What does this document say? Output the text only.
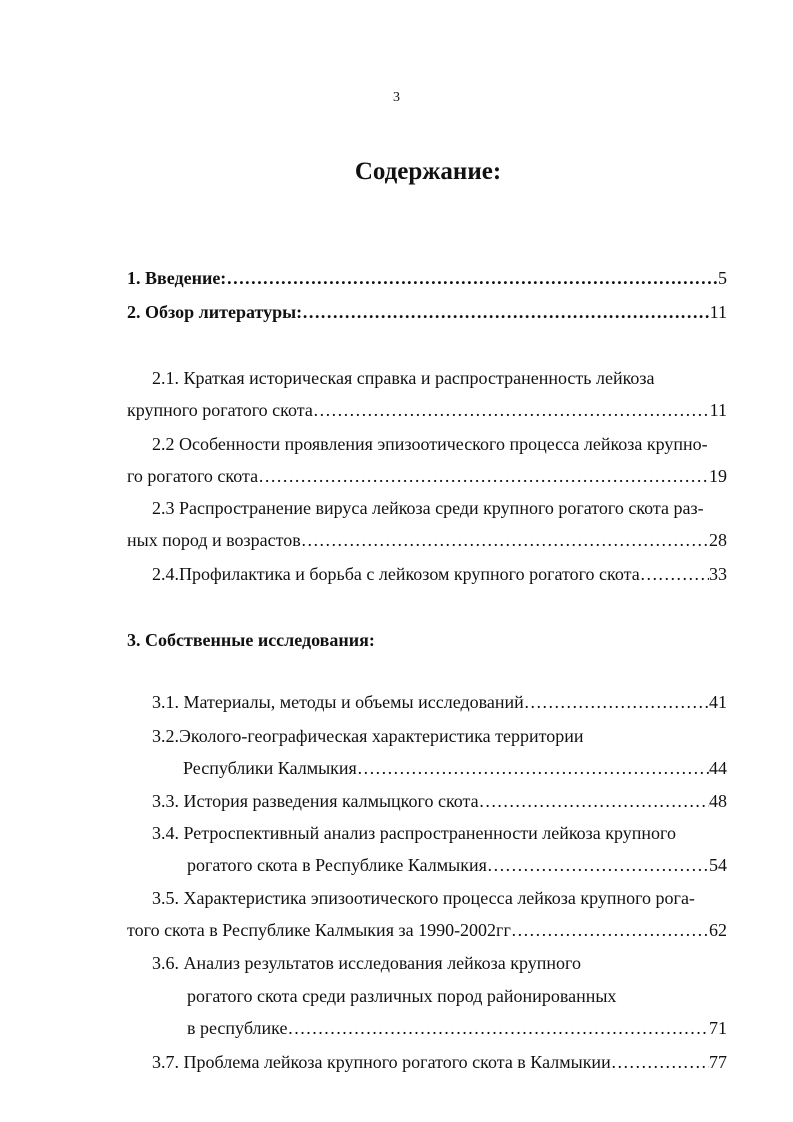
3
Содержание:
1. Введение: ………………………………………………………………………………………………………………………………………………	5
2. Обзор литературы: ………………………………………………………………………………………………………………………………………………	11
2.1. Краткая историческая справка и распространенность лейкоза
крупного рогатого скота ………………………………………………………………………………………………………………………………………………	11
2.2 Особенности проявления эпизоотического процесса лейкоза крупно-
го рогатого скота ………………………………………………………………………………………………………………………………………………	19
2.3 Распространение вируса лейкоза среди крупного рогатого скота раз-
ных пород и возрастов ………………………………………………………………………………………………………………………………………………	28
2.4.Профилактика и борьба с лейкозом крупного рогатого скота ………………………………………………………………………………………………………………………………………………	33
3. Собственные исследования:
3.1. Материалы, методы и объемы исследований ………………………………………………………………………………………………………………………………………………	41
3.2.Эколого-географическая характеристика территории
Республики Калмыкия ………………………………………………………………………………………………………………………………………………	44
3.3. История разведения калмыцкого скота ………………………………………………………………………………………………………………………………………………	48
3.4. Ретроспективный анализ распространенности лейкоза крупного
рогатого скота в Республике Калмыкия ………………………………………………………………………………………………………………………………………………	54
3.5. Характеристика эпизоотического процесса лейкоза крупного рога-
того скота в Республике Калмыкия за 1990-2002гг ………………………………………………………………………………………………………………………………………………	62
3.6. Анализ результатов исследования лейкоза крупного
рогатого скота среди различных пород районированных
в республике ………………………………………………………………………………………………………………………………………………	71
3.7. Проблема лейкоза крупного рогатого скота в Калмыкии ………………………………………………………………………………………………………………………………………………	77
